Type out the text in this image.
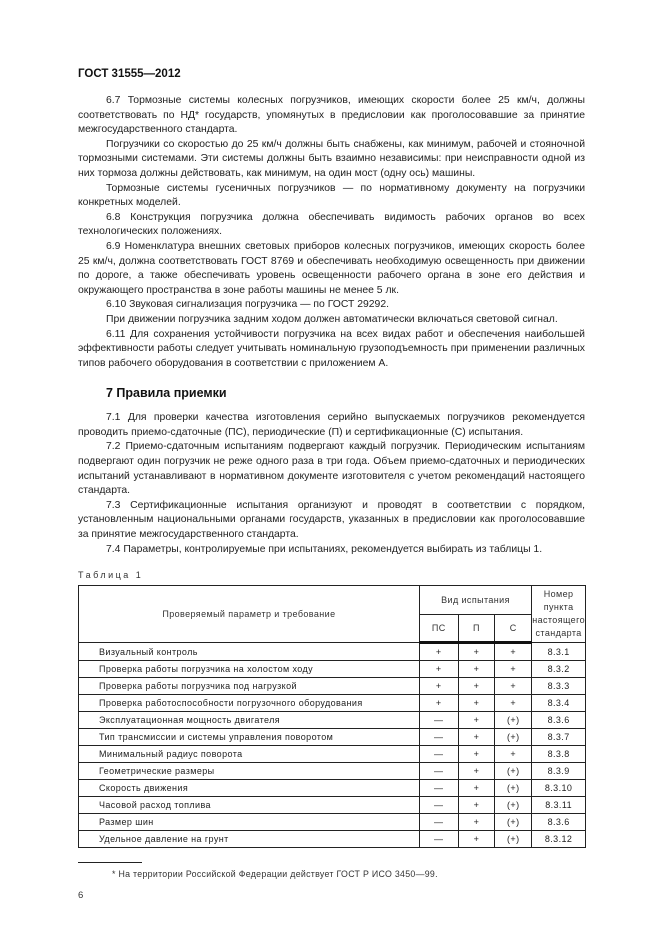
ГОСТ 31555—2012

6.7 Тормозные системы колесных погрузчиков, имеющих скорости более 25 км/ч, должны соответствовать по НД* государств, упомянутых в предисловии как проголосовавшие за принятие межгосударственного стандарта.

Погрузчики со скоростью до 25 км/ч должны быть снабжены, как минимум, рабочей и стояночной тормозными системами. Эти системы должны быть взаимно независимы: при неисправности одной из них тормоза должны действовать, как минимум, на один мост (одну ось) машины.

Тормозные системы гусеничных погрузчиков — по нормативному документу на погрузчики конкретных моделей.

6.8 Конструкция погрузчика должна обеспечивать видимость рабочих органов во всех технологических положениях.

6.9 Номенклатура внешних световых приборов колесных погрузчиков, имеющих скорость более 25 км/ч, должна соответствовать ГОСТ 8769 и обеспечивать необходимую освещенность при движении по дороге, а также обеспечивать уровень освещенности рабочего органа в зоне его действия и окружающего пространства в зоне работы машины не менее 5 лк.

6.10 Звуковая сигнализация погрузчика — по ГОСТ 29292.

При движении погрузчика задним ходом должен автоматически включаться световой сигнал.

6.11 Для сохранения устойчивости погрузчика на всех видах работ и обеспечения наибольшей эффективности работы следует учитывать номинальную грузоподъемность при применении различных типов рабочего оборудования в соответствии с приложением А.

7 Правила приемки

7.1 Для проверки качества изготовления серийно выпускаемых погрузчиков рекомендуется проводить приемо-сдаточные (ПС), периодические (П) и сертификационные (С) испытания.

7.2 Приемо-сдаточным испытаниям подвергают каждый погрузчик. Периодическим испытаниям подвергают один погрузчик не реже одного раза в три года. Объем приемо-сдаточных и периодических испытаний устанавливают в нормативном документе изготовителя с учетом рекомендаций настоящего стандарта.

7.3 Сертификационные испытания организуют и проводят в соответствии с порядком, установленным национальными органами государств, указанных в предисловии как проголосовавшие за принятие межгосударственного стандарта.

7.4 Параметры, контролируемые при испытаниях, рекомендуется выбирать из таблицы 1.

Таблица 1
Проверяемый параметр и требование	Вид испытания			Номер пункта настоящего стандарта
	ПС	П	С	
Визуальный контроль	+	+	+	8.3.1
Проверка работы погрузчика на холостом ходу	+	+	+	8.3.2
Проверка работы погрузчика под нагрузкой	+	+	+	8.3.3
Проверка работоспособности погрузочного оборудования	+	+	+	8.3.4
Эксплуатационная мощность двигателя	—	+	(+)	8.3.6
Тип трансмиссии и системы управления поворотом	—	+	(+)	8.3.7
Минимальный радиус поворота	—	+	+	8.3.8
Геометрические размеры	—	+	(+)	8.3.9
Скорость движения	—	+	(+)	8.3.10
Часовой расход топлива	—	+	(+)	8.3.11
Размер шин	—	+	(+)	8.3.6
Удельное давление на грунт	—	+	(+)	8.3.12
* На территории Российской Федерации действует ГОСТ Р ИСО 3450—99.
6
